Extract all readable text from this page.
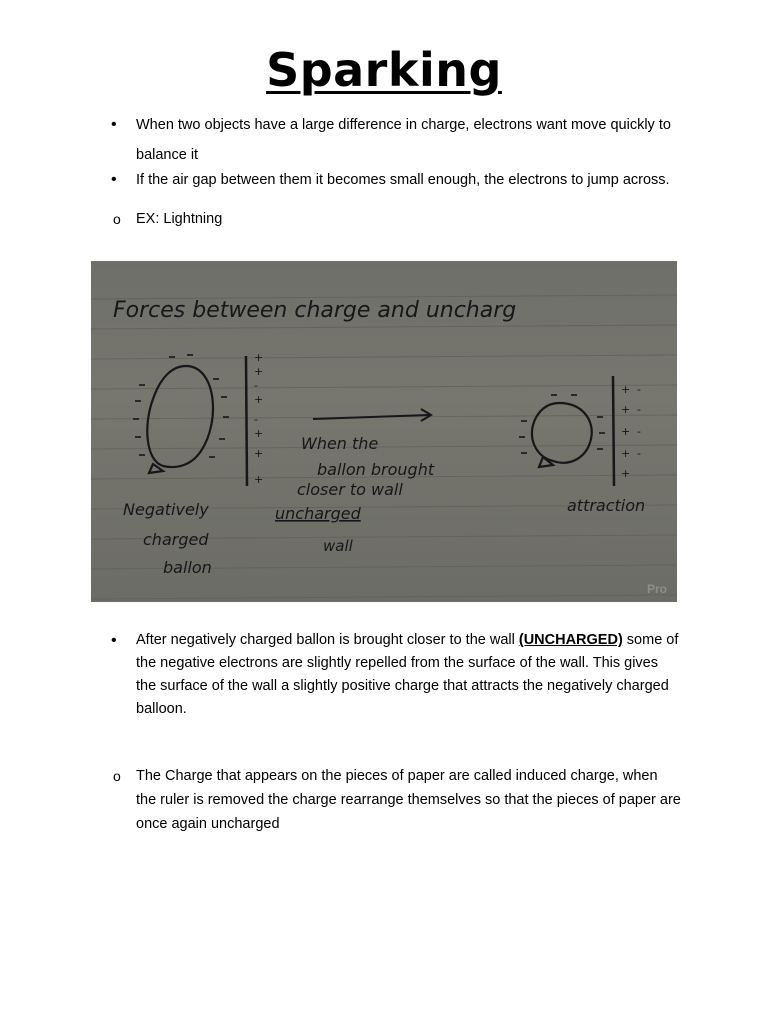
Sparking
• When two objects have a large difference in charge, electrons want move quickly to balance it
• If the air gap between them it becomes small enough, the electrons to jump across.
o EX: Lightning
Forces between charge and uncharg
+
+
-
+
-
+
+
+
Negatively
charged
ballon
When the
ballon brought
closer to wall
uncharged
wall
+ -
+ -
+ -
+ -
+
attraction
Pro
• After negatively charged ballon is brought closer to the wall (UNCHARGED) some of the negative electrons are slightly repelled from the surface of the wall. This gives the surface of the wall a slightly positive charge that attracts the negatively charged balloon.
o The Charge that appears on the pieces of paper are called induced charge, when the ruler is removed the charge rearrange themselves so that the pieces of paper are once again uncharged
